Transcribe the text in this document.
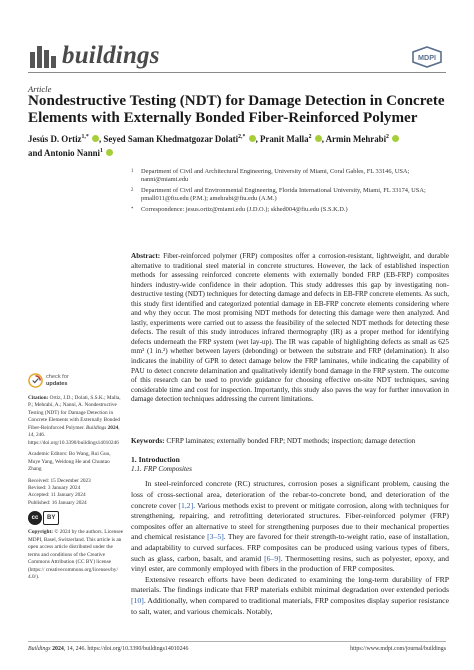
buildings	MDPI
Article
Nondestructive Testing (NDT) for Damage Detection in Concrete Elements with Externally Bonded Fiber-Reinforced Polymer
Jesús D. Ortiz$^{1,*}$ , Seyed Saman Khedmatgozar Dolati$^{2,*}$ , Pranit Malla$^2$ , Armin Mehrabi$^2$
and Antonio Nanni$^1$
1 Department of Civil and Architectural Engineering, University of Miami, Coral Gables, FL 33146, USA; nanni@miami.edu
2 Department of Civil and Environmental Engineering, Florida International University, Miami, FL 33174, USA; pmall011@fiu.edu (P.M.); amehrabi@fiu.edu (A.M.)
* Correspondence: jesus.ortiz@miami.edu (J.D.O.); skhed004@fiu.edu (S.S.K.D.)
Abstract: Fiber-reinforced polymer (FRP) composites offer a corrosion-resistant, lightweight, and durable alternative to traditional steel material in concrete structures. However, the lack of established inspection methods for assessing reinforced concrete elements with externally bonded FRP (EB-FRP) composites hinders industry-wide confidence in their adoption. This study addresses this gap by investigating non-destructive testing (NDT) techniques for detecting damage and defects in EB-FRP concrete elements. As such, this study first identified and categorized potential damage in EB-FRP concrete elements considering where and why they occur. The most promising NDT methods for detecting this damage were then analyzed. And lastly, experiments were carried out to assess the feasibility of the selected NDT methods for detecting these defects. The result of this study introduces infrared thermography (IR) as a proper method for identifying defects underneath the FRP system (wet lay-up). The IR was capable of highlighting defects as small as 625 mm² (1 in.²) whether between layers (debonding) or between the substrate and FRP (delamination). It also indicates the inability of GPR to detect damage below the FRP laminates, while indicating the capability of PAU to detect concrete delamination and qualitatively identify bond damage in the FRP system. The outcome of this research can be used to provide guidance for choosing effective on-site NDT techniques, saving considerable time and cost for inspection. Importantly, this study also paves the way for further innovation in damage detection techniques addressing the current limitations.
Keywords: CFRP laminates; externally bonded FRP; NDT methods; inspection; damage detection
check for
updates
Citation: Ortiz, J.D.; Dolati, S.S.K.; Malla, P.; Mehrabi, A.; Nanni, A. Nondestructive Testing (NDT) for Damage Detection in Concrete Elements with Externally Bonded Fiber-Reinforced Polymer. Buildings 2024, 14, 246. https://doi.org/10.3390/buildings14010246
Academic Editors: Bo Wang, Rui Guo, Muye Yang, Weidong He and Chuntao Zhang
Received: 15 December 2023
Revised: 3 January 2024
Accepted: 11 January 2024
Published: 16 January 2024
cc	BY
Copyright: © 2024 by the authors. Licensee MDPI, Basel, Switzerland. This article is an open access article distributed under the terms and conditions of the Creative Commons Attribution (CC BY) license (https:// creativecommons.org/licenses/by/ 4.0/).
1. Introduction
1.1. FRP Composites

In steel-reinforced concrete (RC) structures, corrosion poses a significant problem, causing the loss of cross-sectional area, deterioration of the rebar-to-concrete bond, and deterioration of the concrete cover [1,2]. Various methods exist to prevent or mitigate corrosion, along with techniques for strengthening, repairing, and retrofitting deteriorated structures. Fiber-reinforced polymer (FRP) composites offer an alternative to steel for strengthening purposes due to their mechanical properties and chemical resistance [3–5]. They are favored for their strength-to-weight ratio, ease of installation, and adaptability to curved surfaces. FRP composites can be produced using various types of fibers, such as glass, carbon, basalt, and aramid [6–9]. Thermosetting resins, such as polyester, epoxy, and vinyl ester, are commonly employed with fibers in the production of FRP composites.

Extensive research efforts have been dedicated to examining the long-term durability of FRP materials. The findings indicate that FRP materials exhibit minimal degradation over extended periods [10]. Additionally, when compared to traditional materials, FRP composites display superior resistance to salt, water, and various chemicals. Notably,

Buildings 2024, 14, 246. https://doi.org/10.3390/buildings14010246	https://www.mdpi.com/journal/buildings
